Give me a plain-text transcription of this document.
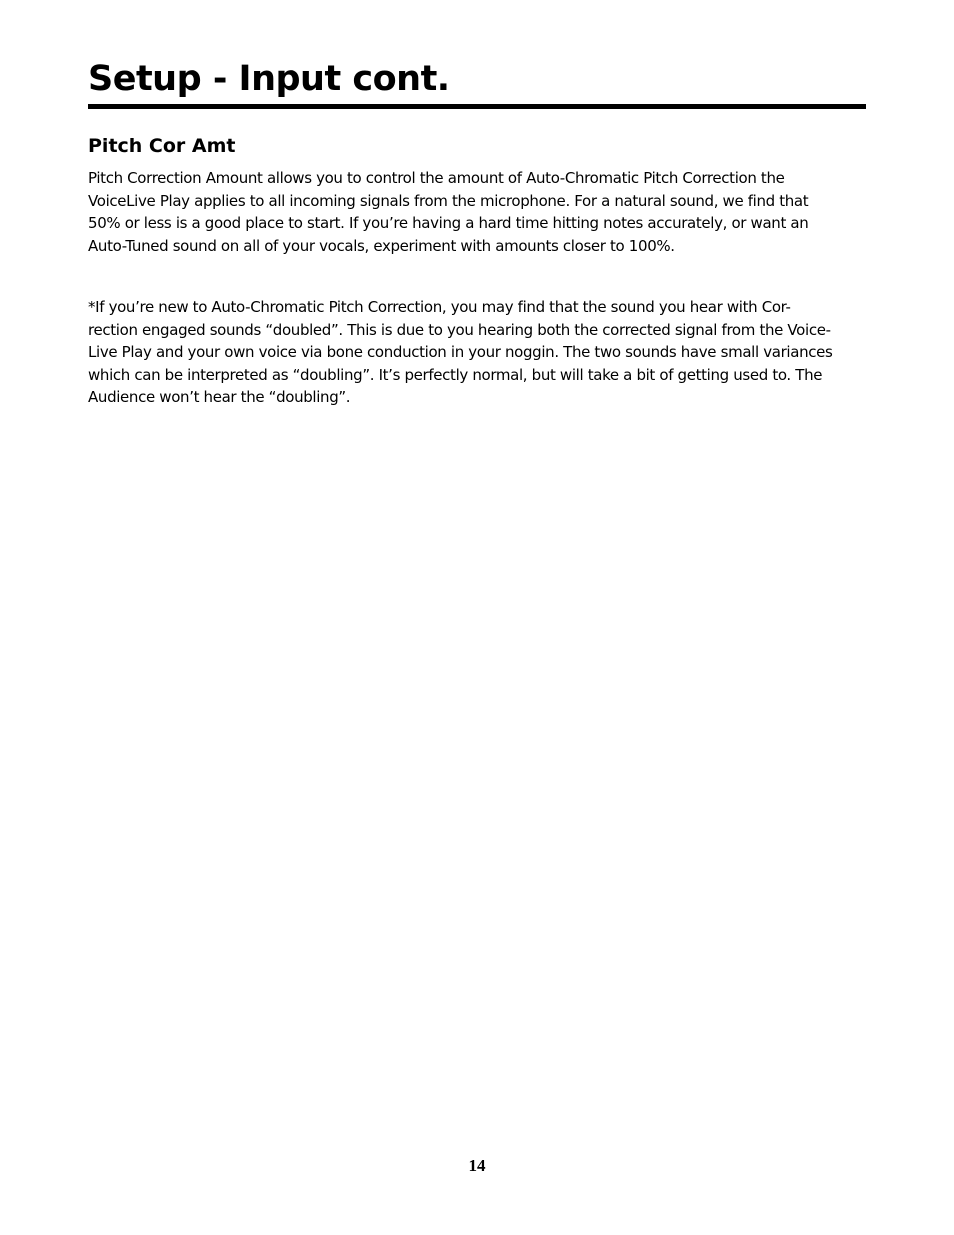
Setup - Input cont.
Pitch Cor Amt

Pitch Correction Amount allows you to control the amount of Auto-Chromatic Pitch Correction the
VoiceLive Play applies to all incoming signals from the microphone. For a natural sound, we find that
50% or less is a good place to start. If you’re having a hard time hitting notes accurately, or want an
Auto-Tuned sound on all of your vocals, experiment with amounts closer to 100%.

*If you’re new to Auto-Chromatic Pitch Correction, you may find that the sound you hear with Cor-
rection engaged sounds “doubled”. This is due to you hearing both the corrected signal from the Voice-
Live Play and your own voice via bone conduction in your noggin. The two sounds have small variances
which can be interpreted as “doubling”. It’s perfectly normal, but will take a bit of getting used to. The
Audience won’t hear the “doubling”.

14
